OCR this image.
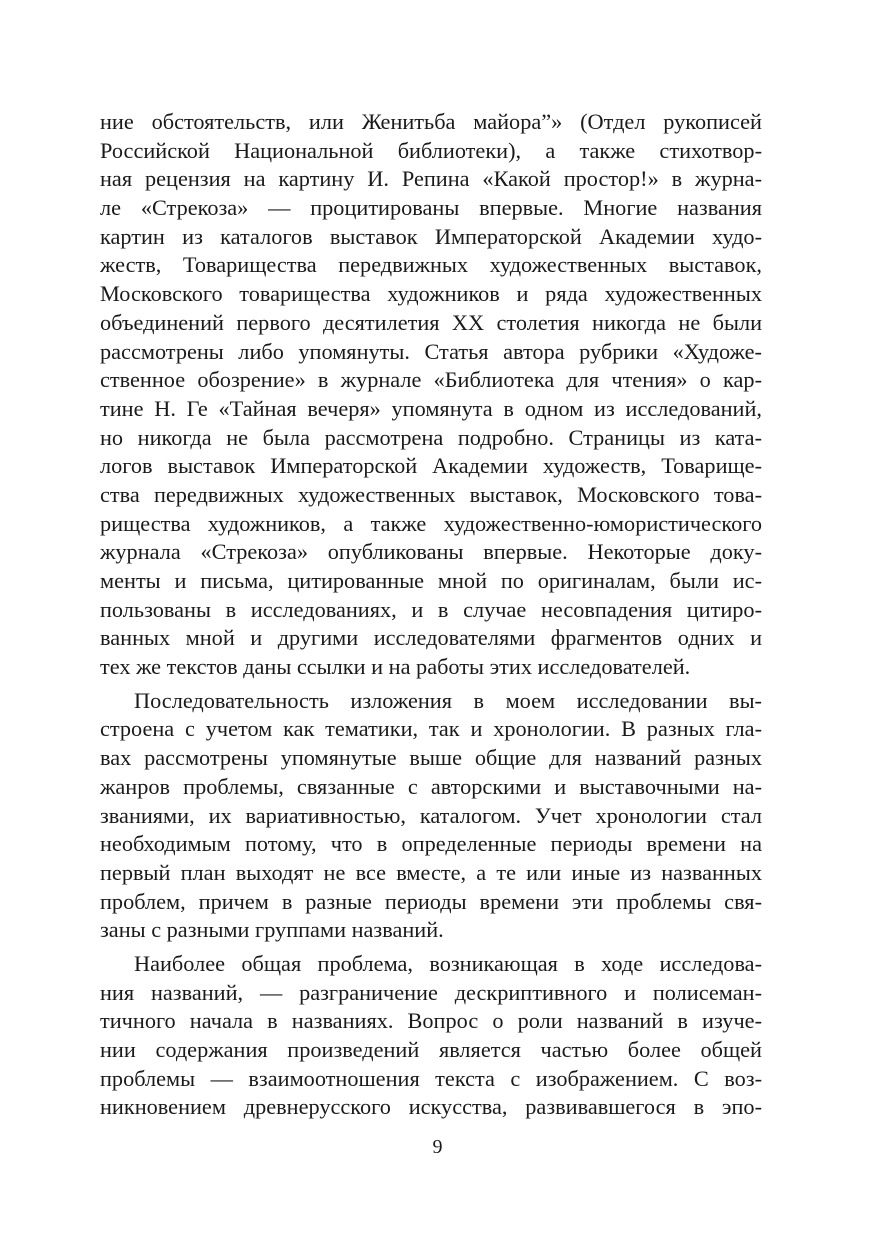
ние обстоятельств, или Женитьба майора”» (Отдел рукописей
Российской Национальной библиотеки), а также стихотвор-
ная рецензия на картину И. Репина «Какой простор!» в журна-
ле «Стрекоза» — процитированы впервые. Многие названия
картин из каталогов выставок Императорской Академии худо-
жеств, Товарищества передвижных художественных выставок,
Московского товарищества художников и ряда художественных
объединений первого десятилетия XX столетия никогда не были
рассмотрены либо упомянуты. Статья автора рубрики «Художе-
ственное обозрение» в журнале «Библиотека для чтения» о кар-
тине Н. Ге «Тайная вечеря» упомянута в одном из исследований,
но никогда не была рассмотрена подробно. Страницы из ката-
логов выставок Императорской Академии художеств, Товарище-
ства передвижных художественных выставок, Московского това-
рищества художников, а также художественно-юмористического
журнала «Стрекоза» опубликованы впервые. Некоторые доку-
менты и письма, цитированные мной по оригиналам, были ис-
пользованы в исследованиях, и в случае несовпадения цитиро-
ванных мной и другими исследователями фрагментов одних и
тех же текстов даны ссылки и на работы этих исследователей.
Последовательность изложения в моем исследовании вы-
строена с учетом как тематики, так и хронологии. В разных гла-
вах рассмотрены упомянутые выше общие для названий разных
жанров проблемы, связанные с авторскими и выставочными на-
званиями, их вариативностью, каталогом. Учет хронологии стал
необходимым потому, что в определенные периоды времени на
первый план выходят не все вместе, а те или иные из названных
проблем, причем в разные периоды времени эти проблемы свя-
заны с разными группами названий.
Наиболее общая проблема, возникающая в ходе исследова-
ния названий, — разграничение дескриптивного и полисеман-
тичного начала в названиях. Вопрос о роли названий в изуче-
нии содержания произведений является частью более общей
проблемы — взаимоотношения текста с изображением. С воз-
никновением древнерусского искусства, развивавшегося в эпо-
9
